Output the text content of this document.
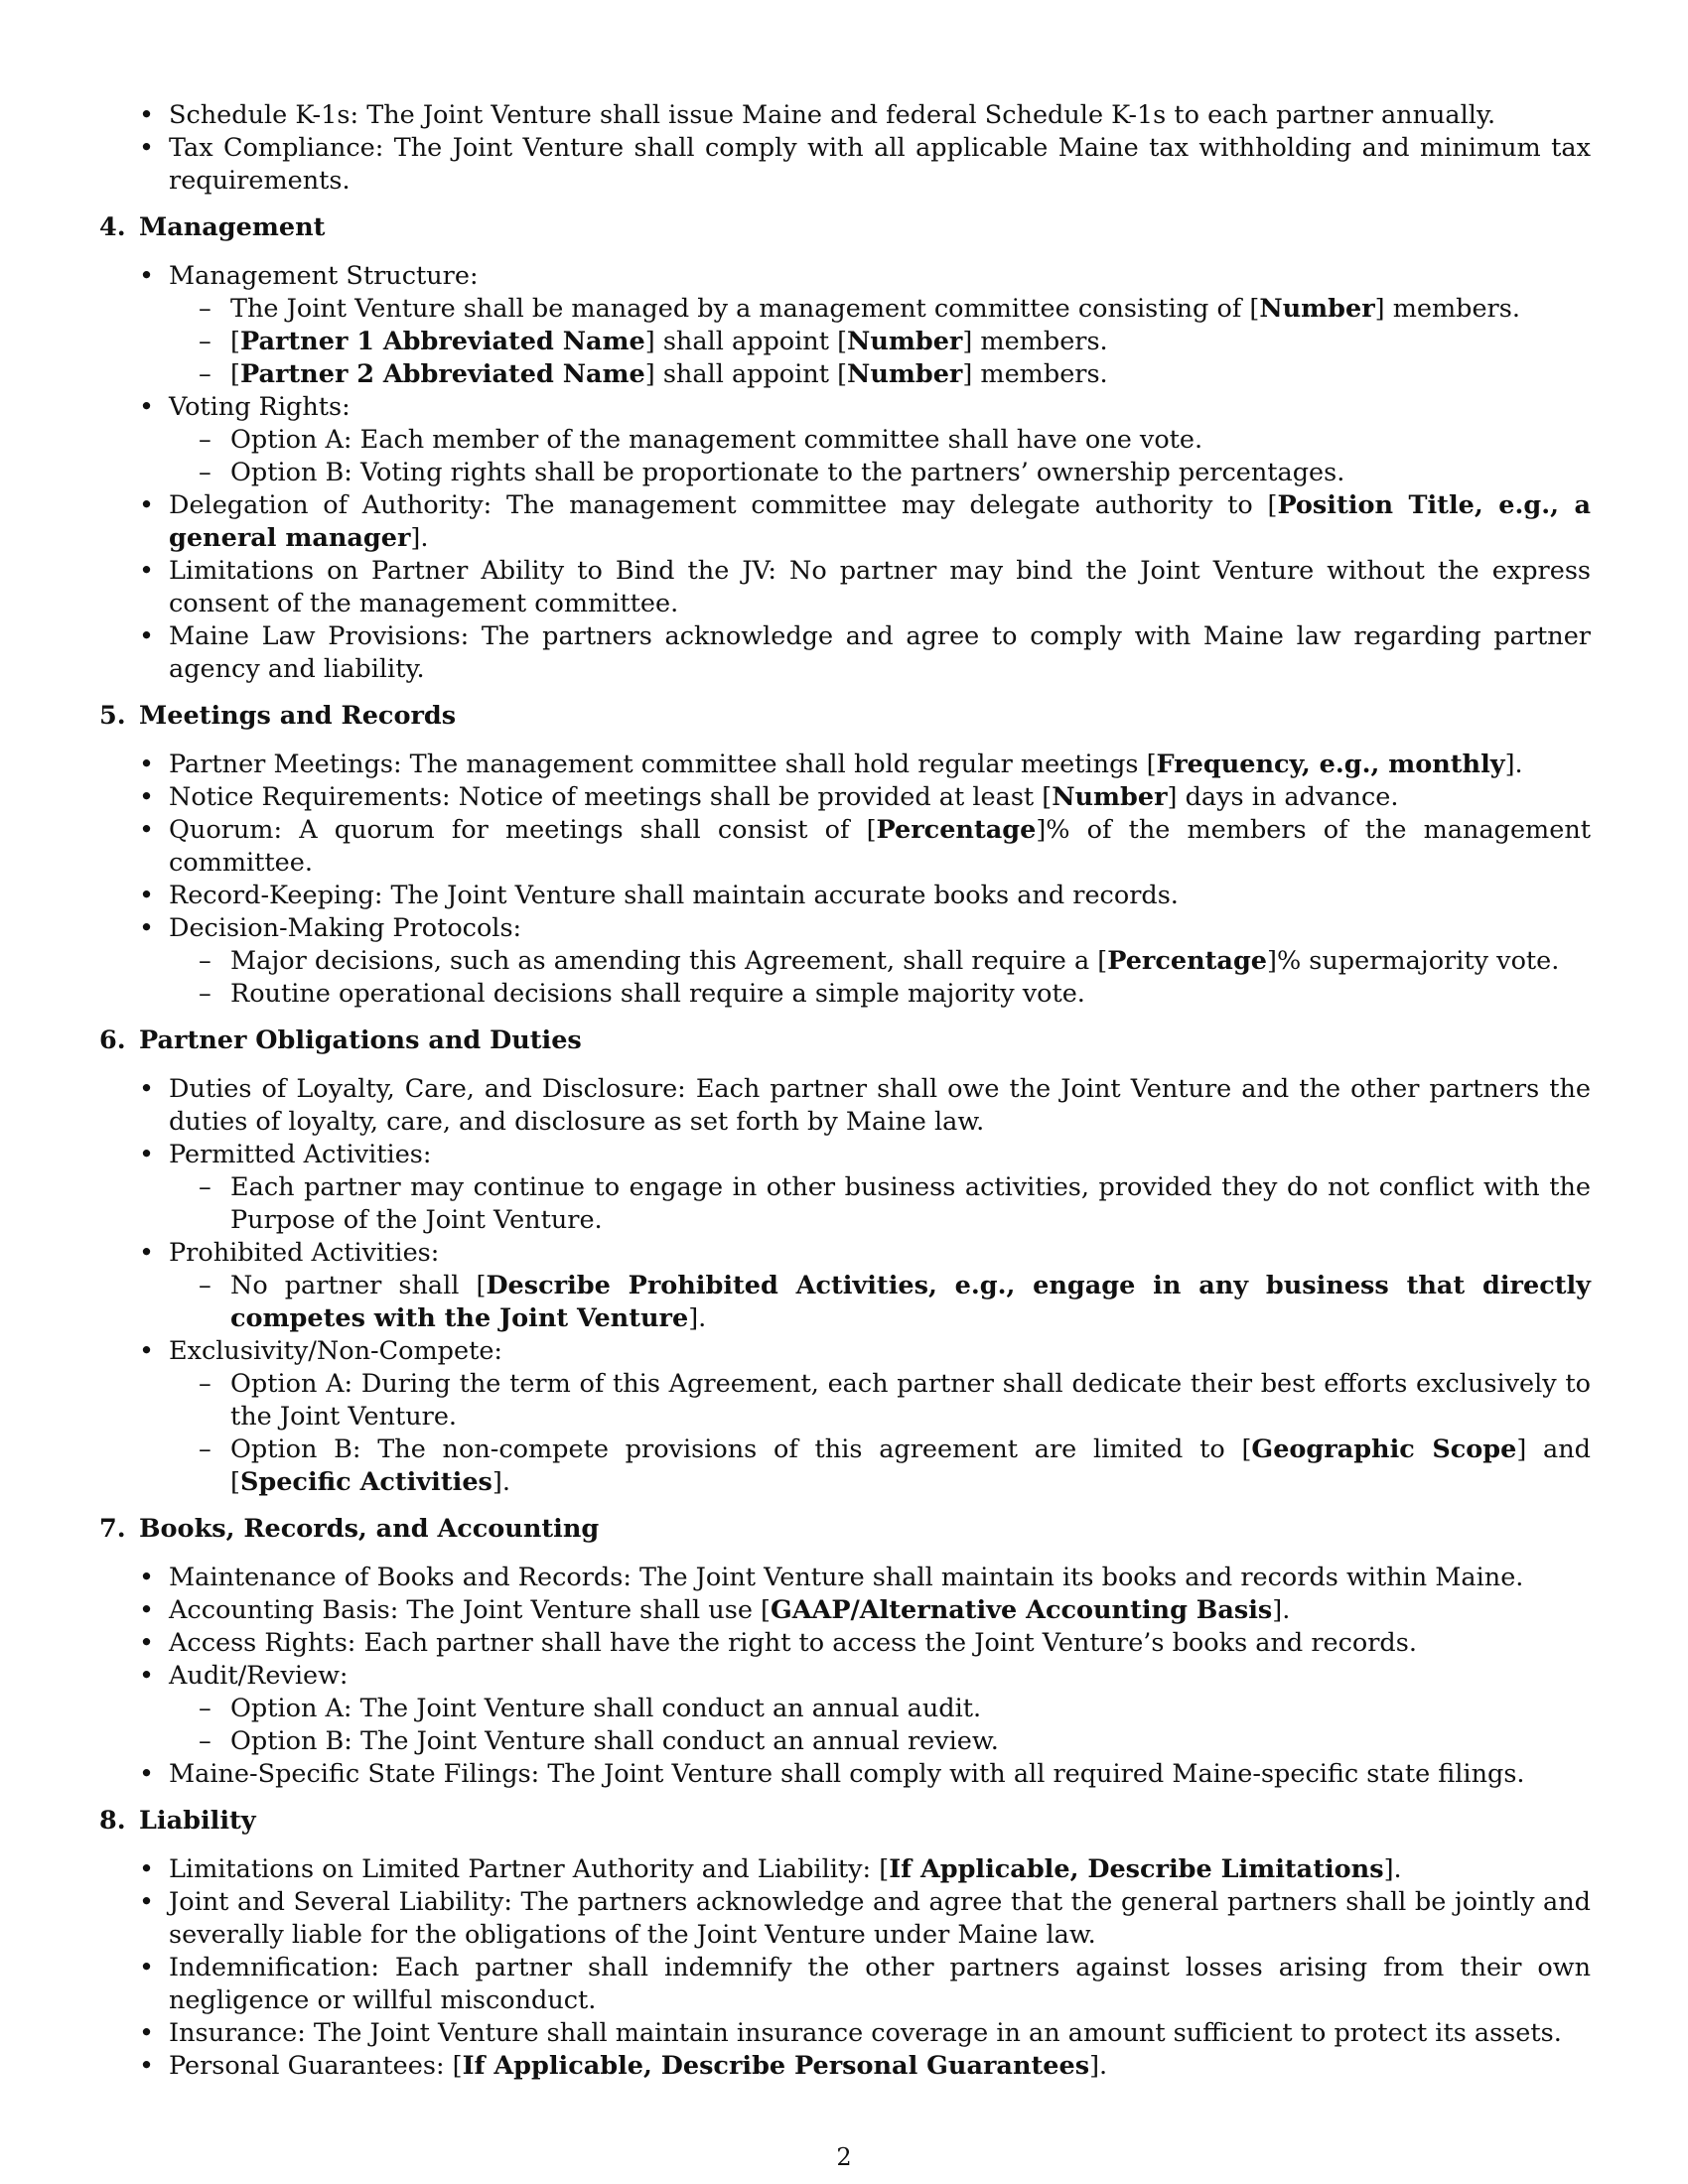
• Schedule K-1s: The Joint Venture shall issue Maine and federal Schedule K-1s to each partner annually.
• Tax Compliance: The Joint Venture shall comply with all applicable Maine tax withholding and minimum tax requirements.
4. Management
• Management Structure:
– The Joint Venture shall be managed by a management committee consisting of [Number] members.
– [Partner 1 Abbreviated Name] shall appoint [Number] members.
– [Partner 2 Abbreviated Name] shall appoint [Number] members.
• Voting Rights:
– Option A: Each member of the management committee shall have one vote.
– Option B: Voting rights shall be proportionate to the partners’ ownership percentages.
• Delegation of Authority: The management committee may delegate authority to [Position Title, e.g., a general manager].
• Limitations on Partner Ability to Bind the JV: No partner may bind the Joint Venture without the express consent of the management committee.
• Maine Law Provisions: The partners acknowledge and agree to comply with Maine law regarding partner agency and liability.
5. Meetings and Records
• Partner Meetings: The management committee shall hold regular meetings [Frequency, e.g., monthly].
• Notice Requirements: Notice of meetings shall be provided at least [Number] days in advance.
• Quorum: A quorum for meetings shall consist of [Percentage]% of the members of the management committee.
• Record-Keeping: The Joint Venture shall maintain accurate books and records.
• Decision-Making Protocols:
– Major decisions, such as amending this Agreement, shall require a [Percentage]% supermajority vote.
– Routine operational decisions shall require a simple majority vote.
6. Partner Obligations and Duties
• Duties of Loyalty, Care, and Disclosure: Each partner shall owe the Joint Venture and the other partners the duties of loyalty, care, and disclosure as set forth by Maine law.
• Permitted Activities:
– Each partner may continue to engage in other business activities, provided they do not conflict with the Purpose of the Joint Venture.
• Prohibited Activities:
– No partner shall [Describe Prohibited Activities, e.g., engage in any business that directly competes with the Joint Venture].
• Exclusivity/Non-Compete:
– Option A: During the term of this Agreement, each partner shall dedicate their best efforts exclusively to the Joint Venture.
– Option B: The non-compete provisions of this agreement are limited to [Geographic Scope] and [Specific Activities].
7. Books, Records, and Accounting
• Maintenance of Books and Records: The Joint Venture shall maintain its books and records within Maine.
• Accounting Basis: The Joint Venture shall use [GAAP/Alternative Accounting Basis].
• Access Rights: Each partner shall have the right to access the Joint Venture’s books and records.
• Audit/Review:
– Option A: The Joint Venture shall conduct an annual audit.
– Option B: The Joint Venture shall conduct an annual review.
• Maine-Specific State Filings: The Joint Venture shall comply with all required Maine-specific state filings.
8. Liability
• Limitations on Limited Partner Authority and Liability: [If Applicable, Describe Limitations].
• Joint and Several Liability: The partners acknowledge and agree that the general partners shall be jointly and severally liable for the obligations of the Joint Venture under Maine law.
• Indemnification: Each partner shall indemnify the other partners against losses arising from their own negligence or willful misconduct.
• Insurance: The Joint Venture shall maintain insurance coverage in an amount sufficient to protect its assets.
• Personal Guarantees: [If Applicable, Describe Personal Guarantees].
2
